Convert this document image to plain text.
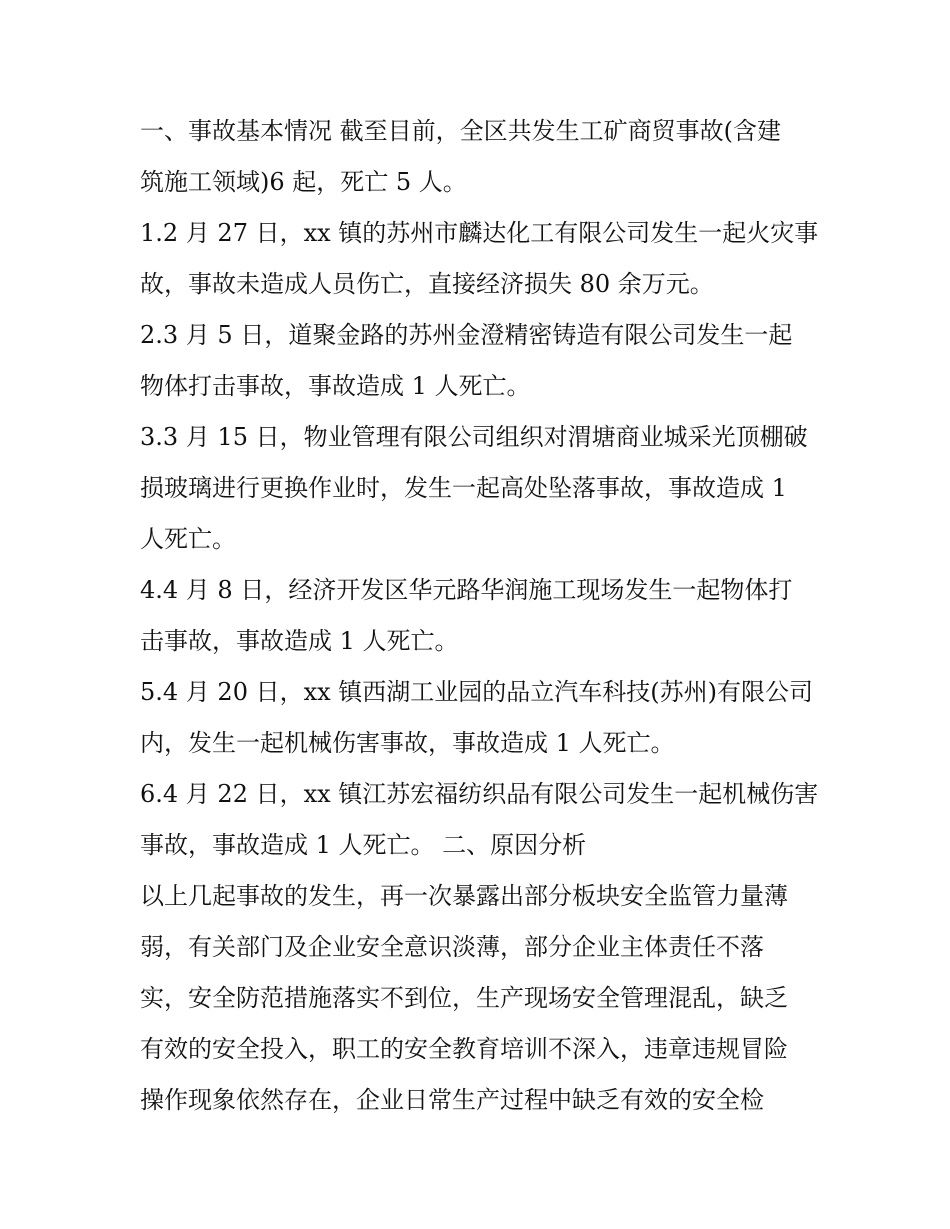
一、事故基本情况 截至目前，全区共发生工矿商贸事故(含建
筑施工领域)6 起，死亡 5 人。
1.2 月 27 日，xx 镇的苏州市麟达化工有限公司发生一起火灾事
故，事故未造成人员伤亡，直接经济损失 80 余万元。
2.3 月 5 日，道聚金路的苏州金澄精密铸造有限公司发生一起
物体打击事故，事故造成 1 人死亡。
3.3 月 15 日，物业管理有限公司组织对渭塘商业城采光顶棚破
损玻璃进行更换作业时，发生一起高处坠落事故，事故造成 1
人死亡。
4.4 月 8 日，经济开发区华元路华润施工现场发生一起物体打
击事故，事故造成 1 人死亡。
5.4 月 20 日，xx 镇西湖工业园的品立汽车科技(苏州)有限公司
内，发生一起机械伤害事故，事故造成 1 人死亡。
6.4 月 22 日，xx 镇江苏宏福纺织品有限公司发生一起机械伤害
事故，事故造成 1 人死亡。 二、原因分析
以上几起事故的发生，再一次暴露出部分板块安全监管力量薄
弱，有关部门及企业安全意识淡薄，部分企业主体责任不落
实，安全防范措施落实不到位，生产现场安全管理混乱，缺乏
有效的安全投入，职工的安全教育培训不深入，违章违规冒险
操作现象依然存在，企业日常生产过程中缺乏有效的安全检
